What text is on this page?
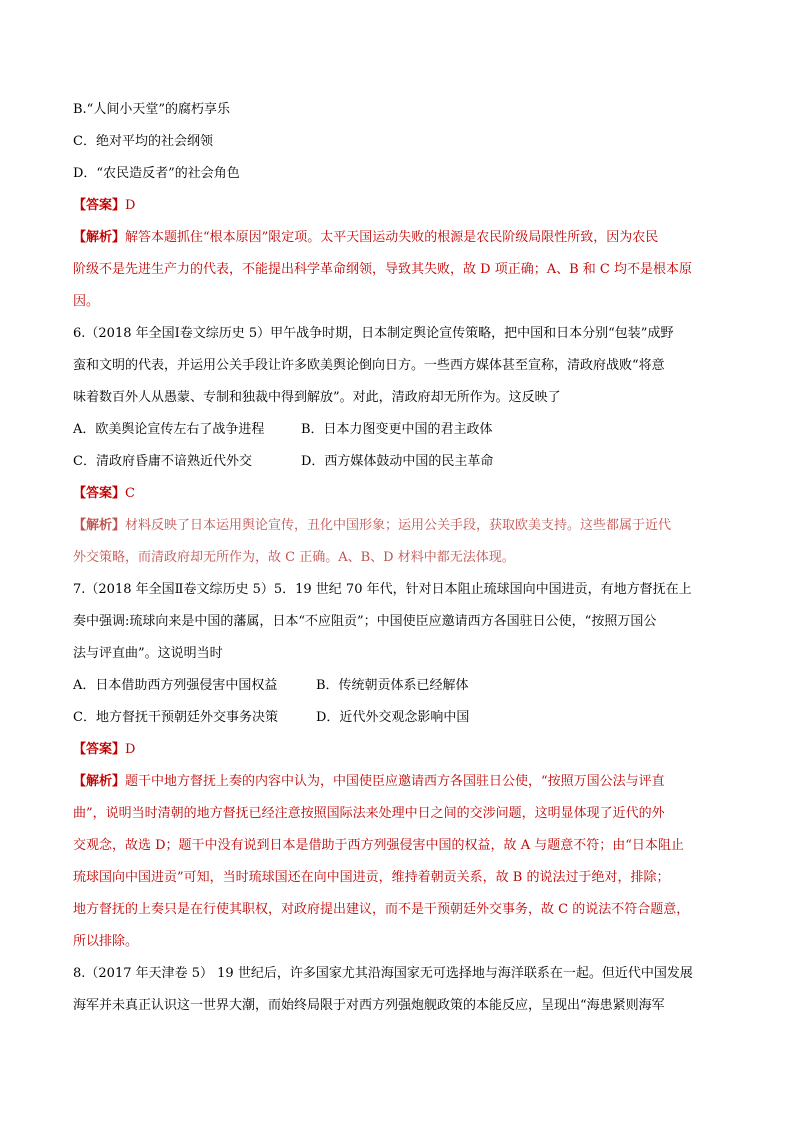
B.“人间小天堂”的腐朽享乐
C．绝对平均的社会纲领
D．“农民造反者”的社会角色
【答案】D
【解析】解答本题抓住“根本原因”限定项。太平天国运动失败的根源是农民阶级局限性所致，因为农民
阶级不是先进生产力的代表，不能提出科学革命纲领，导致其失败，故 D 项正确；A、B 和 C 均不是根本原
因。
6.（2018 年全国Ⅰ卷文综历史 5）甲午战争时期，日本制定舆论宣传策略，把中国和日本分别“包装”成野
蛮和文明的代表，并运用公关手段让许多欧美舆论倒向日方。一些西方媒体甚至宣称，清政府战败“将意
味着数百外人从愚蒙、专制和独裁中得到解放”。对此，清政府却无所作为。这反映了
A．欧美舆论宣传左右了战争进程	B．日本力图变更中国的君主政体
C．清政府昏庸不谙熟近代外交	D．西方媒体鼓动中国的民主革命
【答案】C
【解析】材料反映了日本运用舆论宣传，丑化中国形象；运用公关手段，获取欧美支持。这些都属于近代
外交策略，而清政府却无所作为，故 C 正确。A、B、D 材料中都无法体现。
7.（2018 年全国Ⅱ卷文综历史 5）5．19 世纪 70 年代，针对日本阻止琉球国向中国进贡，有地方督抚在上
奏中强调:琉球向来是中国的藩属，日本“不应阻贡”；中国使臣应邀请西方各国驻日公使，“按照万国公
法与评直曲”。这说明当时
A．日本借助西方列强侵害中国权益	B．传统朝贡体系已经解体
C．地方督抚干预朝廷外交事务决策	D．近代外交观念影响中国
【答案】D
【解析】题干中地方督抚上奏的内容中认为，中国使臣应邀请西方各国驻日公使，“按照万国公法与评直
曲”，说明当时清朝的地方督抚已经注意按照国际法来处理中日之间的交涉问题，这明显体现了近代的外
交观念，故选 D；题干中没有说到日本是借助于西方列强侵害中国的权益，故 A 与题意不符；由“日本阻止
琉球国向中国进贡”可知，当时琉球国还在向中国进贡，维持着朝贡关系，故 B 的说法过于绝对，排除；
地方督抚的上奏只是在行使其职权，对政府提出建议，而不是干预朝廷外交事务，故 C 的说法不符合题意，
所以排除。
8.（2017 年天津卷 5） 19 世纪后，许多国家尤其沿海国家无可选择地与海洋联系在一起。但近代中国发展
海军并未真正认识这一世界大潮，而始终局限于对西方列强炮舰政策的本能反应，呈现出“海患紧则海军
